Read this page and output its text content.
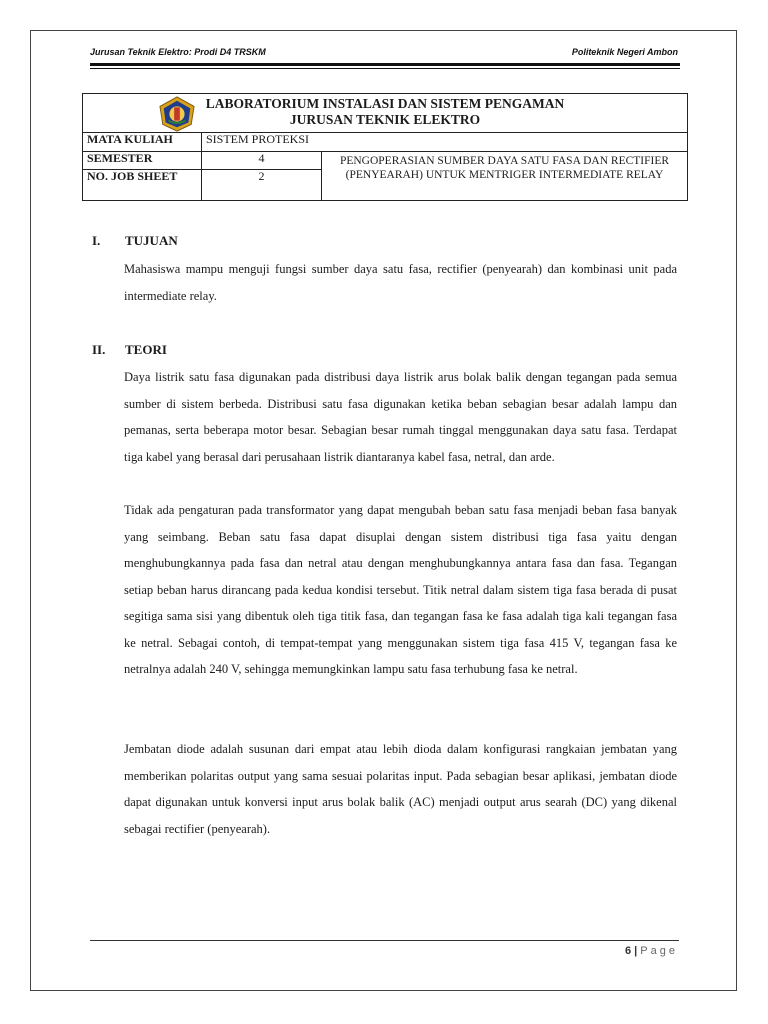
Jurusan Teknik Elektro: Prodi D4 TRSKM	Politeknik Negeri Ambon
LABORATORIUM INSTALASI DAN SISTEM PENGAMAN
JURUSAN TEKNIK ELEKTRO		

MATA KULIAH	SISTEM PROTEKSI	
SEMESTER	4	PENGOPERASIAN SUMBER DAYA SATU FASA DAN RECTIFIER (PENYEARAH) UNTUK MENTRIGER INTERMEDIATE RELAY
NO. JOB SHEET	2	
I. TUJUAN
Mahasiswa mampu menguji fungsi sumber daya satu fasa, rectifier (penyearah) dan kombinasi unit pada intermediate relay.
II. TEORI
Daya listrik satu fasa digunakan pada distribusi daya listrik arus bolak balik dengan tegangan pada semua sumber di sistem berbeda. Distribusi satu fasa digunakan ketika beban sebagian besar adalah lampu dan pemanas, serta beberapa motor besar. Sebagian besar rumah tinggal menggunakan daya satu fasa. Terdapat tiga kabel yang berasal dari perusahaan listrik diantaranya kabel fasa, netral, dan arde.
Tidak ada pengaturan pada transformator yang dapat mengubah beban satu fasa menjadi beban fasa banyak yang seimbang. Beban satu fasa dapat disuplai dengan sistem distribusi tiga fasa yaitu dengan menghubungkannya pada fasa dan netral atau dengan menghubungkannya antara fasa dan fasa. Tegangan setiap beban harus dirancang pada kedua kondisi tersebut. Titik netral dalam sistem tiga fasa berada di pusat segitiga sama sisi yang dibentuk oleh tiga titik fasa, dan tegangan fasa ke fasa adalah tiga kali tegangan fasa ke netral. Sebagai contoh, di tempat-tempat yang menggunakan sistem tiga fasa 415 V, tegangan fasa ke netralnya adalah 240 V, sehingga memungkinkan lampu satu fasa terhubung fasa ke netral.
Jembatan diode adalah susunan dari empat atau lebih dioda dalam konfigurasi rangkaian jembatan yang memberikan polaritas output yang sama sesuai polaritas input. Pada sebagian besar aplikasi, jembatan diode dapat digunakan untuk konversi input arus bolak balik (AC) menjadi output arus searah (DC) yang dikenal sebagai rectifier (penyearah).
6 | Page
